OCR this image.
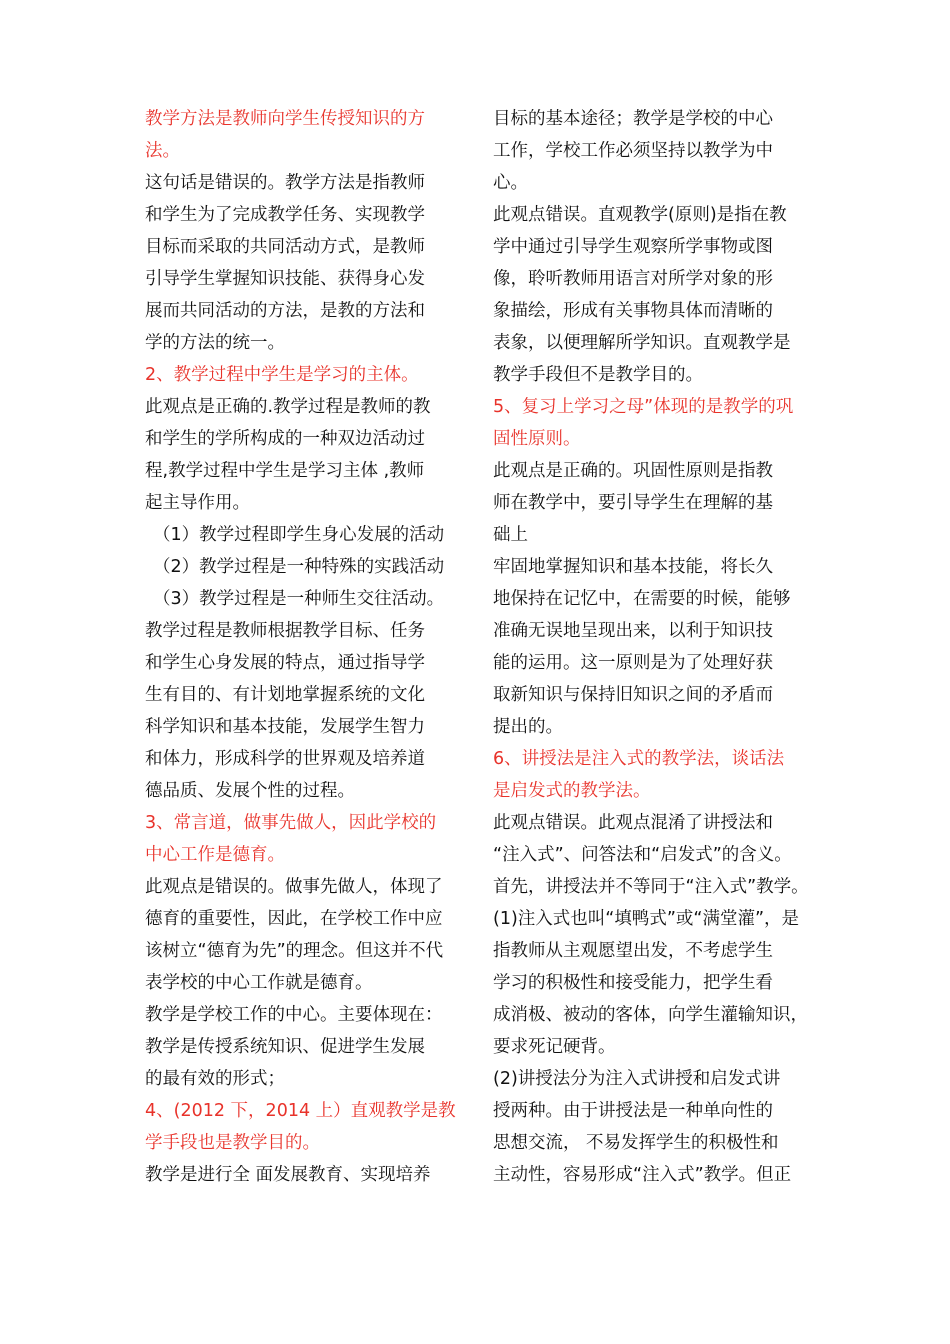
教学方法是教师向学生传授知识的方
法。

这句话是错误的。教学方法是指教师
和学生为了完成教学任务、实现教学
目标而采取的共同活动方式，是教师
引导学生掌握知识技能、获得身心发
展而共同活动的方法，是教的方法和
学的方法的统一。

2、教学过程中学生是学习的主体。

此观点是正确的.教学过程是教师的教
和学生的学所构成的一种双边活动过
程,教学过程中学生是学习主体 ,教师
起主导作用。

（1）教学过程即学生身心发展的活动

（2）教学过程是一种特殊的实践活动

（3）教学过程是一种师生交往活动。

教学过程是教师根据教学目标、任务
和学生心身发展的特点，通过指导学
生有目的、有计划地掌握系统的文化
科学知识和基本技能，发展学生智力
和体力，形成科学的世界观及培养道
德品质、发展个性的过程。

3、常言道，做事先做人，因此学校的
中心工作是德育。

此观点是错误的。做事先做人，体现了
德育的重要性，因此，在学校工作中应
该树立“德育为先”的理念。但这并不代
表学校的中心工作就是德育。

教学是学校工作的中心。主要体现在：
教学是传授系统知识、促进学生发展
的最有效的形式；

4、(2012 下，2014 上）直观教学是教
学手段也是教学目的。

教学是进行全 面发展教育、实现培养

目标的基本途径；教学是学校的中心
工作，学校工作必须坚持以教学为中
心。

此观点错误。直观教学(原则)是指在教
学中通过引导学生观察所学事物或图
像，聆听教师用语言对所学对象的形
象描绘，形成有关事物具体而清晰的
表象，以便理解所学知识。直观教学是
教学手段但不是教学目的。

5、复习上学习之母”体现的是教学的巩
固性原则。

此观点是正确的。巩固性原则是指教
师在教学中，要引导学生在理解的基
础上

牢固地掌握知识和基本技能，将长久
地保持在记忆中，在需要的时候，能够
准确无误地呈现出来，以利于知识技
能的运用。这一原则是为了处理好获
取新知识与保持旧知识之间的矛盾而
提出的。

6、讲授法是注入式的教学法，谈话法
是启发式的教学法。

此观点错误。此观点混淆了讲授法和
“注入式”、问答法和“启发式”的含义。
首先，讲授法并不等同于“注入式”教学。

(1)注入式也叫“填鸭式”或“满堂灌”，是
指教师从主观愿望出发，不考虑学生
学习的积极性和接受能力，把学生看
成消极、被动的客体，向学生灌输知识，
要求死记硬背。

(2)讲授法分为注入式讲授和启发式讲
授两种。由于讲授法是一种单向性的
思想交流， 不易发挥学生的积极性和
主动性，容易形成“注入式”教学。但正
